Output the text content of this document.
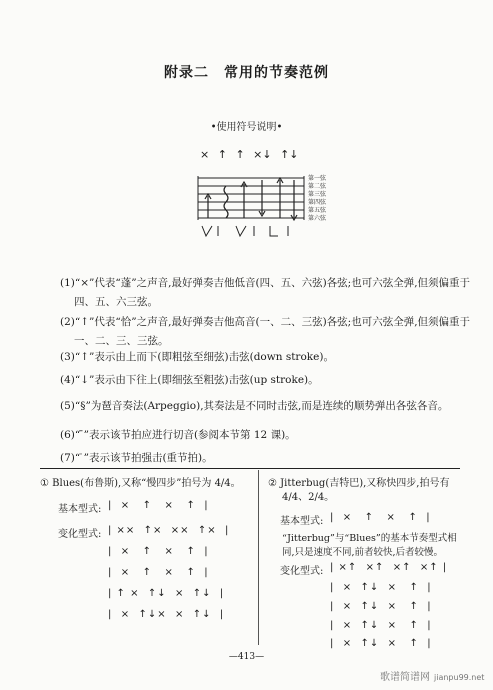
附录二　常用的节奏范例
•使用符号说明•
× ↑ ↑ ×↓ ↑↓
第一弦
第二弦
第三弦
第四弦
第五弦
第六弦
(1)“×”代表“蓬”之声音,最好弹奏吉他低音(四、五、六弦)各弦;也可六弦全弹,但须偏重于
四、五、六三弦。
(2)“↑”代表“恰”之声音,最好弹奏吉他高音(一、二、三弦)各弦;也可六弦全弹,但须偏重于
一、二、三、三弦。
(3)“↑”表示由上而下(即粗弦至细弦)击弦(down stroke)。
(4)“↓”表示由下往上(即细弦至粗弦)击弦(up stroke)。
(5)“§”为琶音奏法(Arpeggio),其奏法是不同时击弦,而是连续的顺势弹出各弦各音。
(6)“ ̄”表示该节拍应进行切音(参阅本节第 12 课)。
(7)“ ̇”表示该节拍强击(重节拍)。
① Blues(布鲁斯),又称“慢四步”拍号为 4/4。
基本型式: |  ×   ↑   ×   ↑  |
变化型式: | ××  ↑×  ××  ↑×  |
|  ×   ↑   ×   ↑  |
|  ×   ↑   ×   ↑  |
| ↑ ×  ↑↓  ×  ↑↓  |
|  ×  ↑↓×  ×  ↑↓  |
② Jitterbug(吉特巴),又称快四步,拍号有
4/4、2/4。
基本型式: |  ×   ↑   ×   ↑  |
“Jitterbug”与“Blues”的基本节奏型式相
同,只是速度不同,前者较快,后者较慢。
变化型式: | ×↑  ×↑  ×↑  ×↑ |
|  ×  ↑↓  ×   ↑  |
|  ×  ↑↓  ×   ↑  |
|  ×  ↑↓  ×   ↑  |
|  ×  ↑↓  ×   ↑  |
—413—
歌谱简谱网 jianpu99.net
